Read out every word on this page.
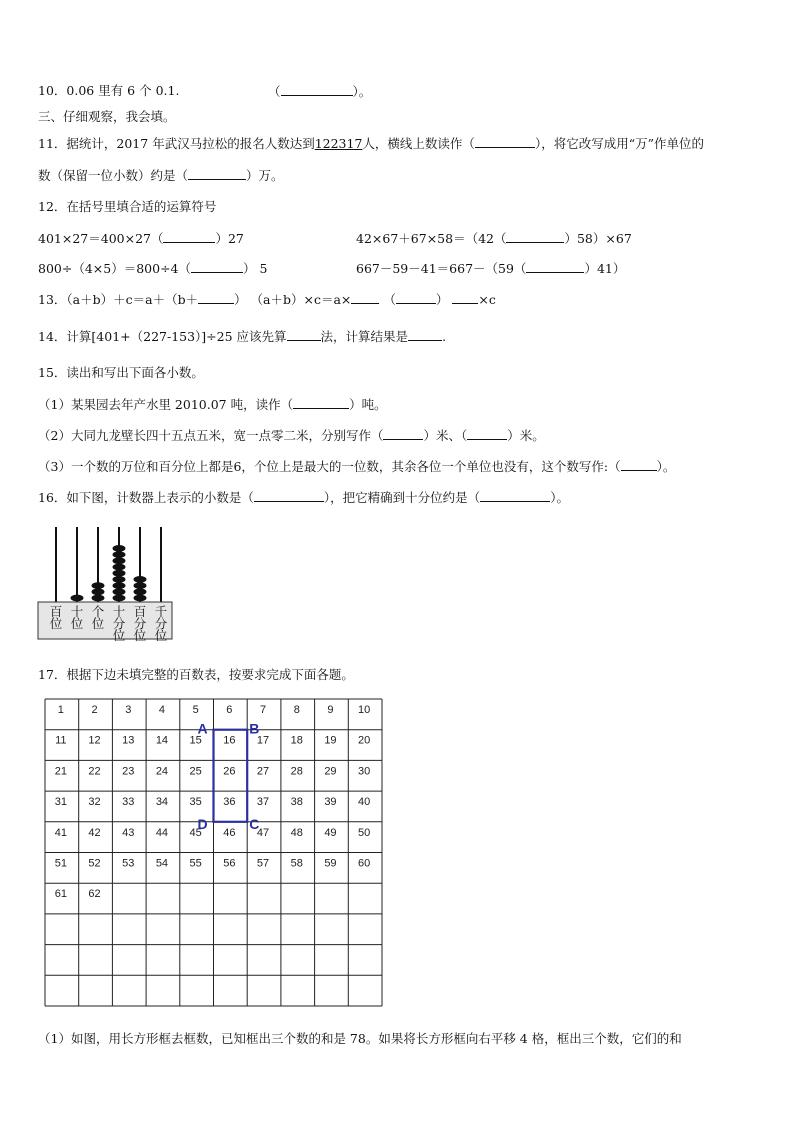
10．0.06 里有 6 个 0.1.	（	）。
三、仔细观察，我会填。
11．据统计，2017 年武汉马拉松的报名人数达到122317人，横线上数读作（	），将它改写成用“万”作单位的
数（保留一位小数）约是（	）万。
12．在括号里填合适的运算符号
401×27＝400×27（	）27	42×67＋67×58＝（42（	）58）×67
800÷（4×5）＝800÷4（	） 5	667－59－41＝667－（59（	）41）
13．（a＋b）＋c＝a＋（b＋	） （a＋b）×c＝a×	（	） ×c
14．计算[401+（227-153）]÷25 应该先算	法，计算结果是	.
15．读出和写出下面各小数。
（1）某果园去年产水里 2010.07 吨，读作（	）吨。
（2）大同九龙壁长四十五点五米，宽一点零二米，分别写作（	）米、（	）米。
（3）一个数的万位和百分位上都是6，个位上是最大的一位数，其余各位一个单位也没有，这个数写作:（	）。
16．如下图，计数器上表示的小数是（	），把它精确到十分位约是（	）。
百
位
十
位
个
位
十
分
位
百
分
位
千
分
位
17．根据下边未填完整的百数表，按要求完成下面各题。
1	2	3	4	5	6	7	8	9 10
11 12 13 14 15 16 17 18 19 20
21 22 23 24 25 26 27 28 29 30
31 32 33 34 35 36 37 38 39 40
41 42 43 44 45 46 47 48 49 50
51 52 53 54 55 56 57 58 59 60
61 62
A	B
C
D
（1）如图，用长方形框去框数，已知框出三个数的和是 78。如果将长方形框向右平移 4 格，框出三个数，它们的和
